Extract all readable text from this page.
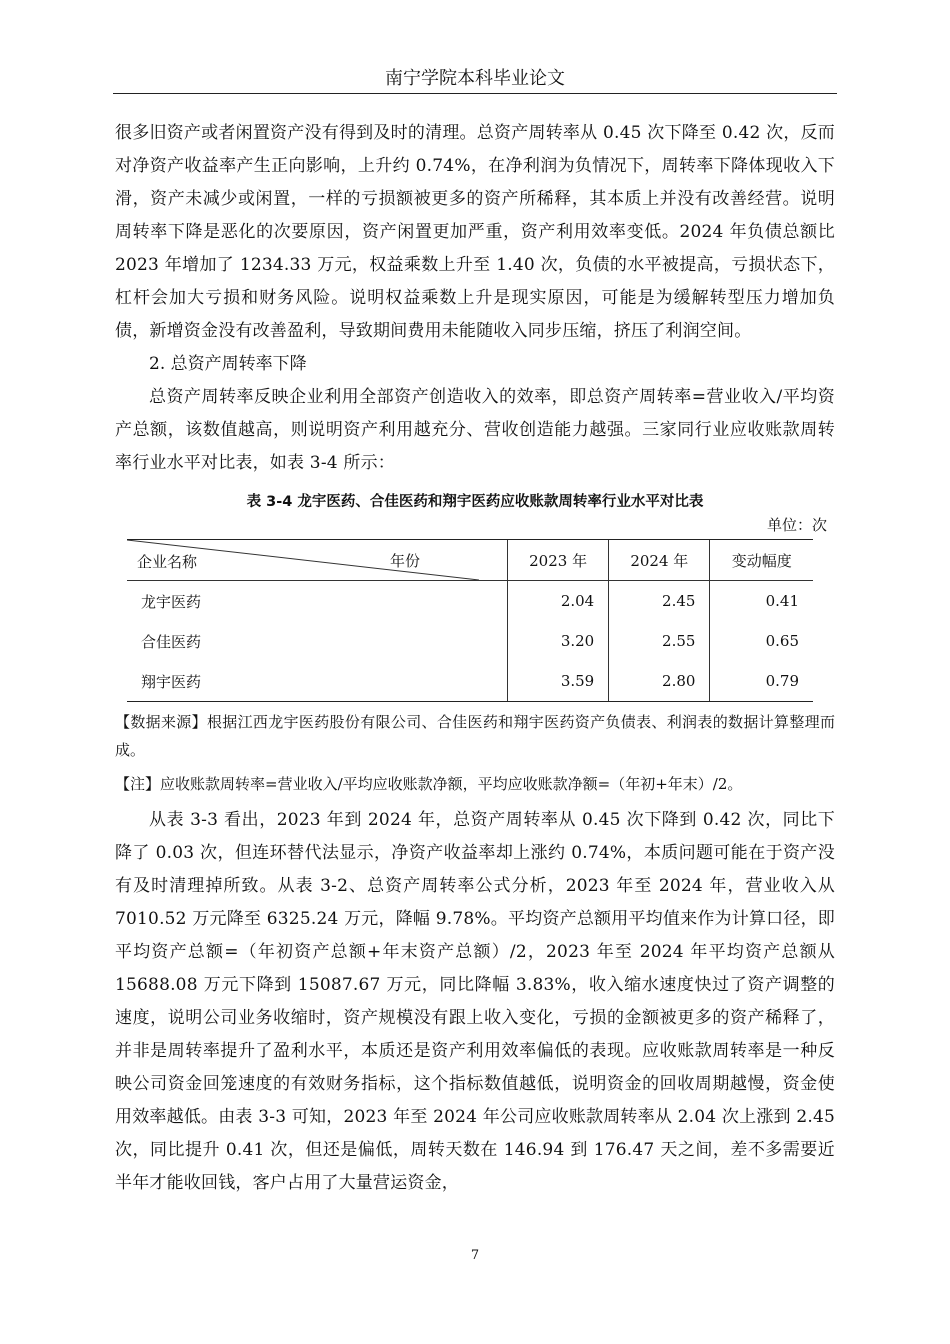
南宁学院本科毕业论文

很多旧资产或者闲置资产没有得到及时的清理。总资产周转率从 0.45 次下降至 0.42 次，反而对净资产收益率产生正向影响，上升约 0.74%，在净利润为负情况下，周转率下降体现收入下滑，资产未减少或闲置，一样的亏损额被更多的资产所稀释，其本质上并没有改善经营。说明周转率下降是恶化的次要原因，资产闲置更加严重，资产利用效率变低。2024 年负债总额比 2023 年增加了 1234.33 万元，权益乘数上升至 1.40 次，负债的水平被提高，亏损状态下，杠杆会加大亏损和财务风险。说明权益乘数上升是现实原因，可能是为缓解转型压力增加负债，新增资金没有改善盈利，导致期间费用未能随收入同步压缩，挤压了利润空间。

2. 总资产周转率下降

总资产周转率反映企业利用全部资产创造收入的效率，即总资产周转率=营业收入/平均资产总额，该数值越高，则说明资产利用越充分、营收创造能力越强。三家同行业应收账款周转率行业水平对比表，如表 3-4 所示：

表 3-4 龙宇医药、合佳医药和翔宇医药应收账款周转率行业水平对比表
单位：次
企业名称 年份	2023 年	2024 年	变动幅度
龙宇医药	2.04	2.45	0.41
合佳医药	3.20	2.55	0.65
翔宇医药	3.59	2.80	0.79

【数据来源】根据江西龙宇医药股份有限公司、合佳医药和翔宇医药资产负债表、利润表的数据计算整理而成。

【注】应收账款周转率=营业收入/平均应收账款净额，平均应收账款净额=（年初+年末）/2。

从表 3-3 看出，2023 年到 2024 年，总资产周转率从 0.45 次下降到 0.42 次，同比下降了 0.03 次，但连环替代法显示，净资产收益率却上涨约 0.74%，本质问题可能在于资产没有及时清理掉所致。从表 3-2、总资产周转率公式分析，2023 年至 2024 年，营业收入从 7010.52 万元降至 6325.24 万元，降幅 9.78%。平均资产总额用平均值来作为计算口径，即平均资产总额=（年初资产总额+年末资产总额）/2，2023 年至 2024 年平均资产总额从 15688.08 万元下降到 15087.67 万元，同比降幅 3.83%，收入缩水速度快过了资产调整的速度，说明公司业务收缩时，资产规模没有跟上收入变化，亏损的金额被更多的资产稀释了，并非是周转率提升了盈利水平，本质还是资产利用效率偏低的表现。应收账款周转率是一种反映公司资金回笼速度的有效财务指标，这个指标数值越低，说明资金的回收周期越慢，资金使用效率越低。由表 3-3 可知，2023 年至 2024 年公司应收账款周转率从 2.04 次上涨到 2.45 次，同比提升 0.41 次，但还是偏低，周转天数在 146.94 到 176.47 天之间，差不多需要近半年才能收回钱，客户占用了大量营运资金，

7
